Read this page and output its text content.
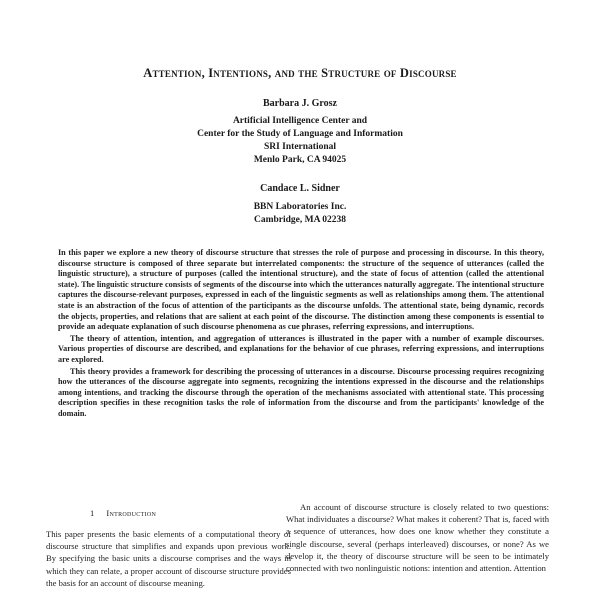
Attention, Intentions, and the Structure of Discourse
Barbara J. Grosz
Artificial Intelligence Center and
Center for the Study of Language and Information
SRI International
Menlo Park, CA 94025
Candace L. Sidner
BBN Laboratories Inc.
Cambridge, MA 02238

In this paper we explore a new theory of discourse structure that stresses the role of purpose and processing in discourse. In this theory, discourse structure is composed of three separate but interrelated components: the structure of the sequence of utterances (called the linguistic structure), a structure of purposes (called the intentional structure), and the state of focus of attention (called the attentional state). The linguistic structure consists of segments of the discourse into which the utterances naturally aggregate. The intentional structure captures the discourse-relevant purposes, expressed in each of the linguistic segments as well as relationships among them. The attentional state is an abstraction of the focus of attention of the participants as the discourse unfolds. The attentional state, being dynamic, records the objects, properties, and relations that are salient at each point of the discourse. The distinction among these components is essential to provide an adequate explanation of such discourse phenomena as cue phrases, referring expressions, and interruptions.

The theory of attention, intention, and aggregation of utterances is illustrated in the paper with a number of example discourses. Various properties of discourse are described, and explanations for the behavior of cue phrases, referring expressions, and interruptions are explored.

This theory provides a framework for describing the processing of utterances in a discourse. Discourse processing requires recognizing how the utterances of the discourse aggregate into segments, recognizing the intentions expressed in the discourse and the relationships among intentions, and tracking the discourse through the operation of the mechanisms associated with attentional state. This processing description specifies in these recognition tasks the role of information from the discourse and from the participants' knowledge of the domain.

1 Introduction

This paper presents the basic elements of a computational theory of discourse structure that simplifies and expands upon previous work. By specifying the basic units a discourse comprises and the ways in which they can relate, a proper account of discourse structure provides the basis for an account of discourse meaning.

An account of discourse structure is closely related to two questions: What individuates a discourse? What makes it coherent? That is, faced with a sequence of utterances, how does one know whether they constitute a single discourse, several (perhaps interleaved) discourses, or none? As we develop it, the theory of discourse structure will be seen to be intimately connected with two nonlinguistic notions: intention and attention. Attention
